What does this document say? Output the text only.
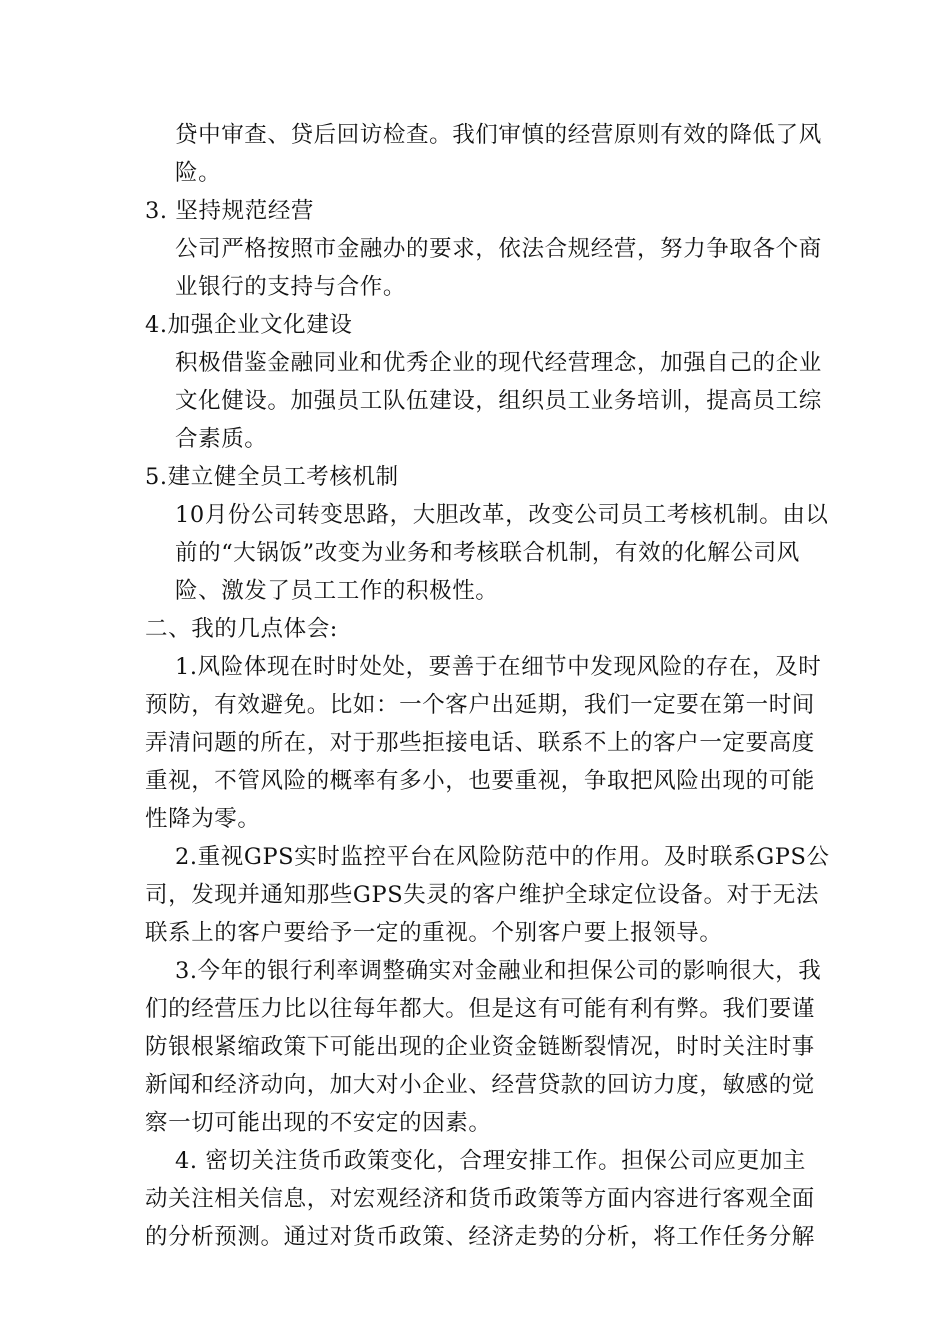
贷中审查、贷后回访检查。我们审慎的经营原则有效的降低了风
险。
3. 坚持规范经营
公司严格按照市金融办的要求，依法合规经营，努力争取各个商
业银行的支持与合作。
4.加强企业文化建设
积极借鉴金融同业和优秀企业的现代经营理念，加强自己的企业
文化健设。加强员工队伍建设，组织员工业务培训，提高员工综
合素质。
5.建立健全员工考核机制
10月份公司转变思路，大胆改革，改变公司员工考核机制。由以
前的“大锅饭”改变为业务和考核联合机制，有效的化解公司风
险、激发了员工工作的积极性。
二、我的几点体会:
1.风险体现在时时处处，要善于在细节中发现风险的存在，及时
预防，有效避免。比如：一个客户出延期，我们一定要在第一时间
弄清问题的所在，对于那些拒接电话、联系不上的客户一定要高度
重视，不管风险的概率有多小，也要重视，争取把风险出现的可能
性降为零。
2.重视GPS实时监控平台在风险防范中的作用。及时联系GPS公
司，发现并通知那些GPS失灵的客户维护全球定位设备。对于无法
联系上的客户要给予一定的重视。个别客户要上报领导。
3.今年的银行利率调整确实对金融业和担保公司的影响很大，我
们的经营压力比以往每年都大。但是这有可能有利有弊。我们要谨
防银根紧缩政策下可能出现的企业资金链断裂情况，时时关注时事
新闻和经济动向，加大对小企业、经营贷款的回访力度，敏感的觉
察一切可能出现的不安定的因素。
4. 密切关注货币政策变化，合理安排工作。担保公司应更加主
动关注相关信息，对宏观经济和货币政策等方面内容进行客观全面
的分析预测。通过对货币政策、经济走势的分析，将工作任务分解
